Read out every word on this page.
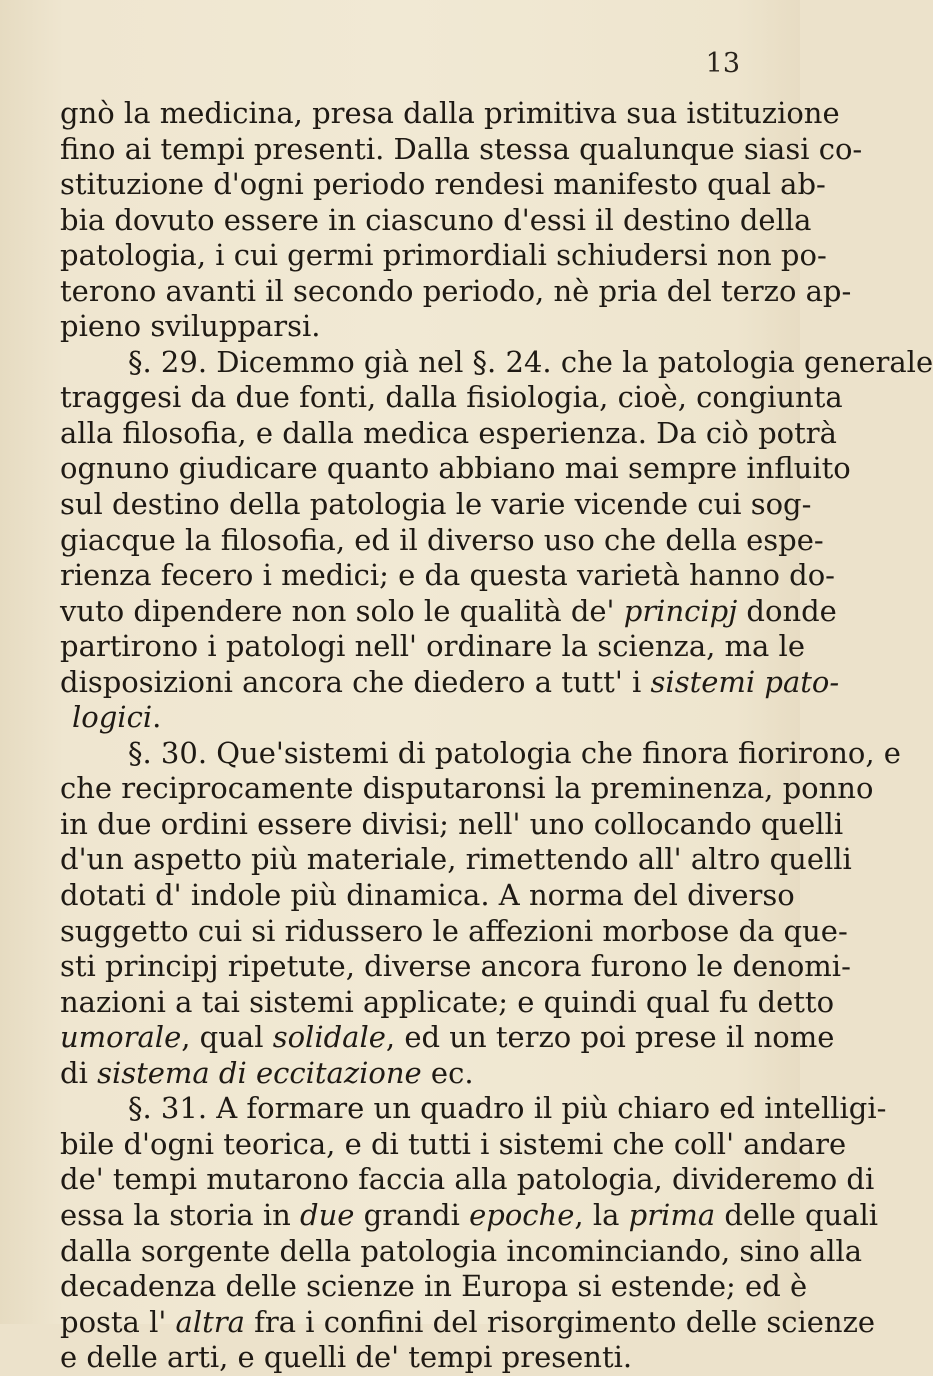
13
gnò la medicina, presa dalla primitiva sua istituzione
fino ai tempi presenti. Dalla stessa qualunque siasi co-
stituzione d'ogni periodo rendesi manifesto qual ab-
bia dovuto essere in ciascuno d'essi il destino della
patologia, i cui germi primordiali schiudersi non po-
terono avanti il secondo periodo, nè pria del terzo ap-
pieno svilupparsi.
§. 29. Dicemmo già nel §. 24. che la patologia generale
traggesi da due fonti, dalla fisiologia, cioè, congiunta
alla filosofia, e dalla medica esperienza. Da ciò potrà
ognuno giudicare quanto abbiano mai sempre influito
sul destino della patologia le varie vicende cui sog-
giacque la filosofia, ed il diverso uso che della espe-
rienza fecero i medici; e da questa varietà hanno do-
vuto dipendere non solo le qualità de' principj donde
partirono i patologi nell' ordinare la scienza, ma le
disposizioni ancora che diedero a tutt' i sistemi pato-
logici.
§. 30. Que'sistemi di patologia che finora fiorirono, e
che reciprocamente disputaronsi la preminenza, ponno
in due ordini essere divisi; nell' uno collocando quelli
d'un aspetto più materiale, rimettendo all' altro quelli
dotati d' indole più dinamica. A norma del diverso
suggetto cui si ridussero le affezioni morbose da que-
sti principj ripetute, diverse ancora furono le denomi-
nazioni a tai sistemi applicate; e quindi qual fu detto
umorale, qual solidale, ed un terzo poi prese il nome
di sistema di eccitazione ec.
§. 31. A formare un quadro il più chiaro ed intelligi-
bile d'ogni teorica, e di tutti i sistemi che coll' andare
de' tempi mutarono faccia alla patologia, divideremo di
essa la storia in due grandi epoche, la prima delle quali
dalla sorgente della patologia incominciando, sino alla
decadenza delle scienze in Europa si estende; ed è
posta l' altra fra i confini del risorgimento delle scienze
e delle arti, e quelli de' tempi presenti.
